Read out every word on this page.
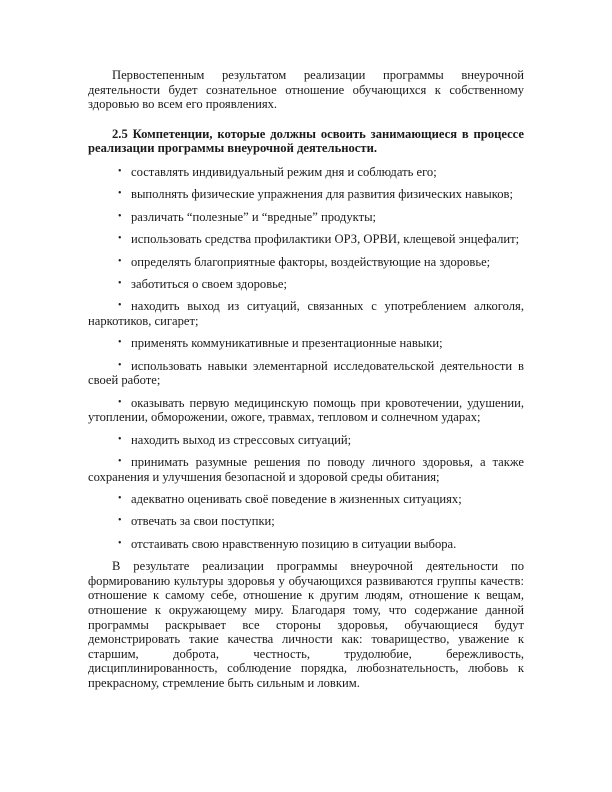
Первостепенным результатом реализации программы внеурочной деятельности будет сознательное отношение обучающихся к собственному здоровью во всем его проявлениях.

2.5 Компетенции, которые должны освоить занимающиеся в процессе реализации программы внеурочной деятельности.

• составлять индивидуальный режим дня и соблюдать его;
• выполнять физические упражнения для развития физических навыков;
• различать “полезные” и “вредные” продукты;
• использовать средства профилактики ОРЗ, ОРВИ, клещевой энцефалит;
• определять благоприятные факторы, воздействующие на здоровье;
• заботиться о своем здоровье;
• находить выход из ситуаций, связанных с употреблением алкоголя, наркотиков, сигарет;
• применять коммуникативные и презентационные навыки;
• использовать навыки элементарной исследовательской деятельности в своей работе;
• оказывать первую медицинскую помощь при кровотечении, удушении, утоплении, обморожении, ожоге, травмах, тепловом и солнечном ударах;
• находить выход из стрессовых ситуаций;
• принимать разумные решения по поводу личного здоровья, а также сохранения и улучшения безопасной и здоровой среды обитания;
• адекватно оценивать своё поведение в жизненных ситуациях;
• отвечать за свои поступки;
• отстаивать свою нравственную позицию в ситуации выбора.

В результате реализации программы внеурочной деятельности по формированию культуры здоровья у обучающихся развиваются группы качеств: отношение к самому себе, отношение к другим людям, отношение к вещам, отношение к окружающему миру. Благодаря тому, что содержание данной программы раскрывает все стороны здоровья, обучающиеся будут демонстрировать такие качества личности как: товарищество, уважение к старшим, доброта, честность, трудолюбие, бережливость, дисциплинированность, соблюдение порядка, любознательность, любовь к прекрасному, стремление быть сильным и ловким.
